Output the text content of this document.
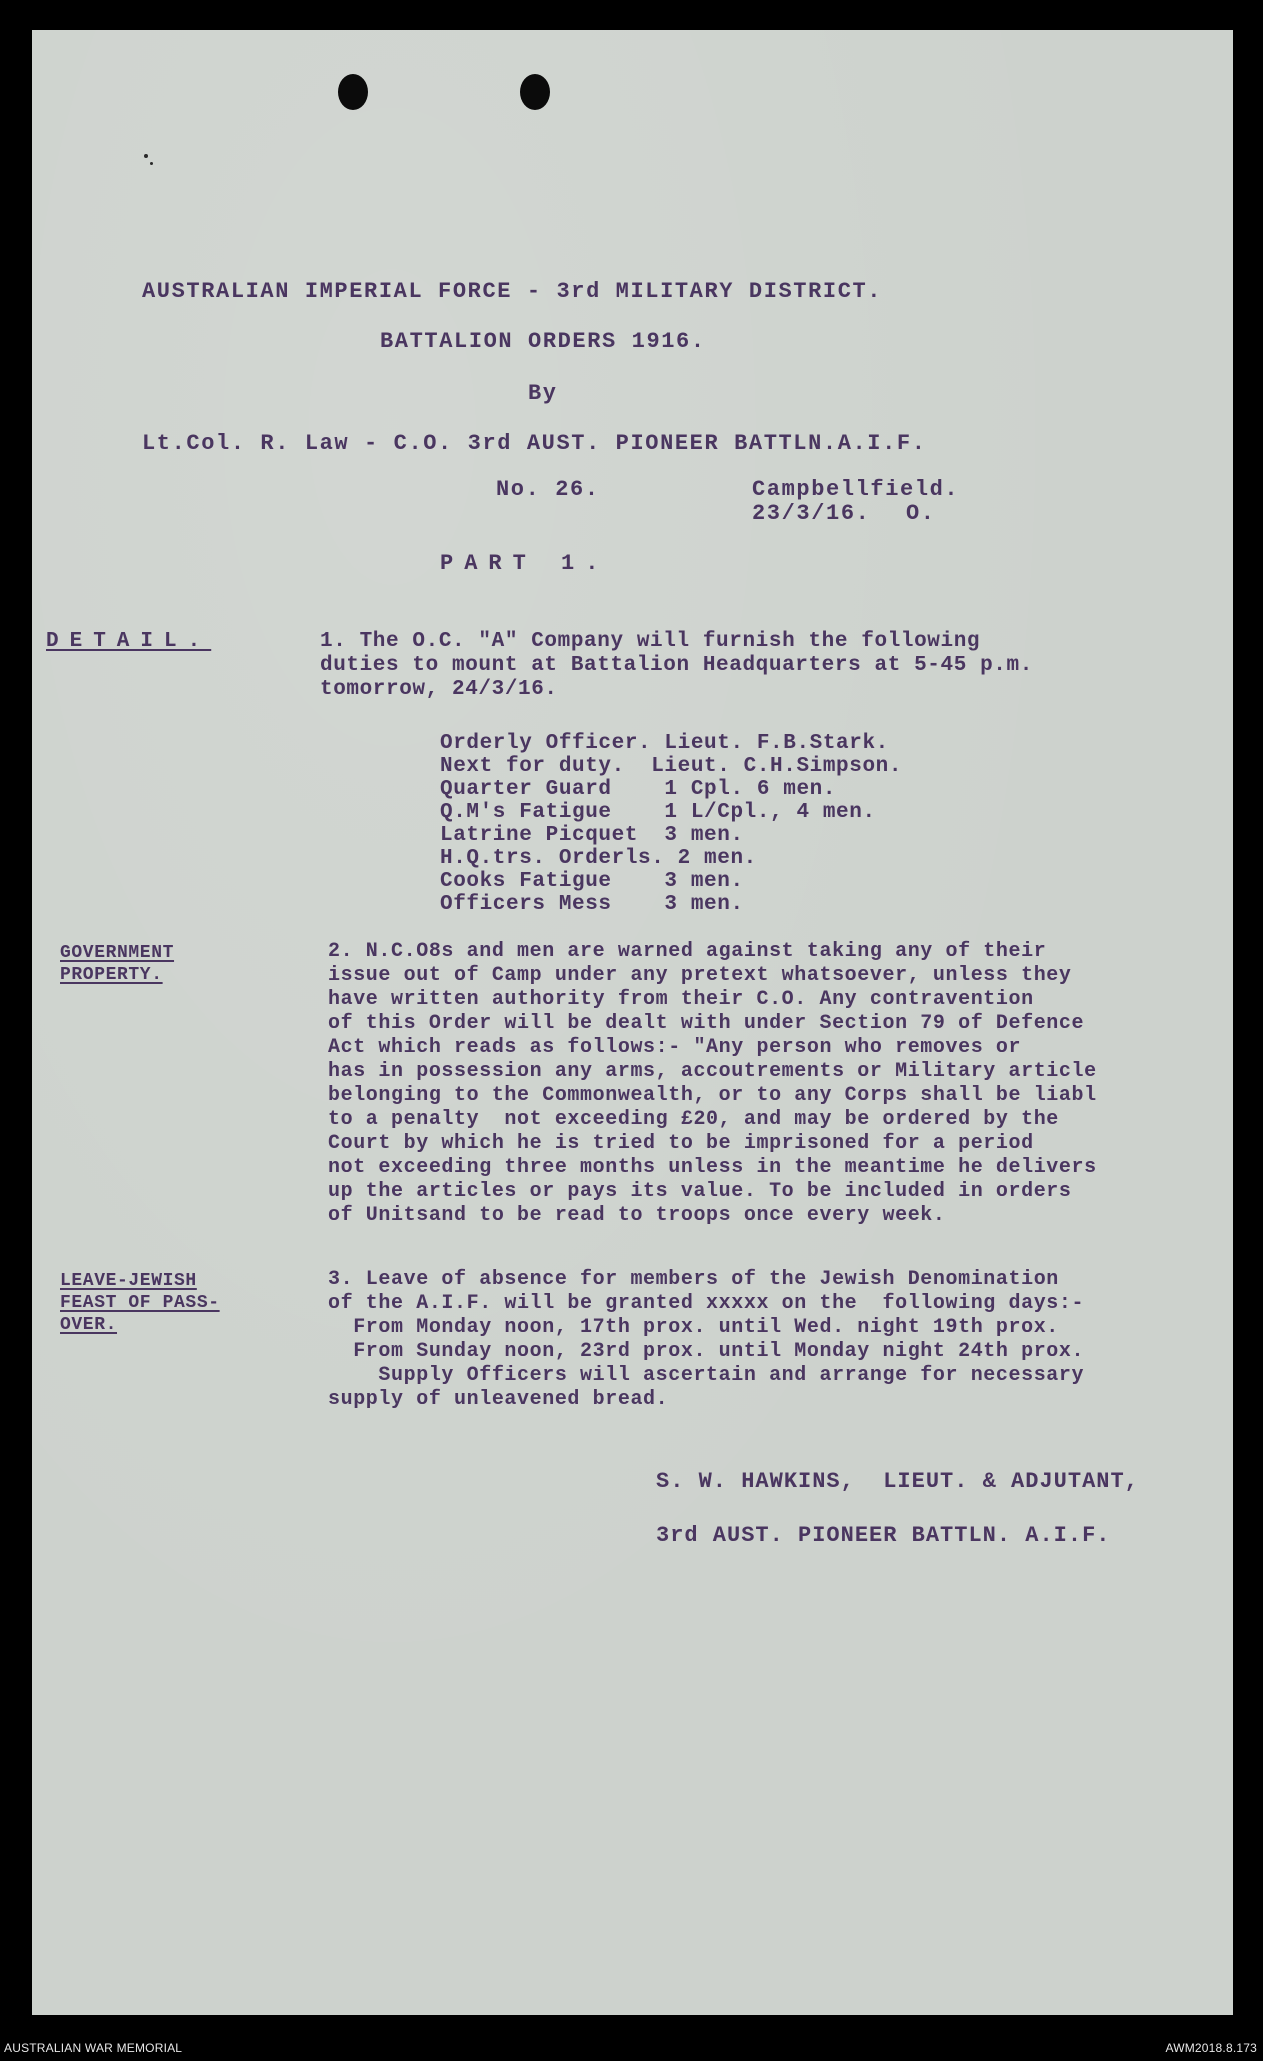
AUSTRALIAN IMPERIAL FORCE - 3rd MILITARY DISTRICT.
BATTALION ORDERS 1916.
By
Lt.Col. R. Law - C.O. 3rd AUST. PIONEER BATTLN.A.I.F.
No. 26.	Campbellfield.
23/3/16. O.
PART 1.
DETAIL.	1. The O.C. "A" Company will furnish the following
duties to mount at Battalion Headquarters at 5-45 p.m.
tomorrow, 24/3/16.
Orderly Officer. Lieut. F.B.Stark.
Next for duty.  Lieut. C.H.Simpson.
Quarter Guard    1 Cpl. 6 men.
Q.M's Fatigue    1 L/Cpl., 4 men.
Latrine Picquet  3 men.
H.Q.trs. Orderls. 2 men.
Cooks Fatigue    3 men.
Officers Mess    3 men.
GOVERNMENT
PROPERTY.
2. N.C.O8s and men are warned against taking any of their
issue out of Camp under any pretext whatsoever, unless they
have written authority from their C.O. Any contravention
of this Order will be dealt with under Section 79 of Defence
Act which reads as follows:- "Any person who removes or
has in possession any arms, accoutrements or Military article
belonging to the Commonwealth, or to any Corps shall be liabl
to a penalty  not exceeding £20, and may be ordered by the
Court by which he is tried to be imprisoned for a period
not exceeding three months unless in the meantime he delivers
up the articles or pays its value. To be included in orders
of Unitsand to be read to troops once every week.
LEAVE-JEWISH
FEAST OF PASS-
OVER.
3. Leave of absence for members of the Jewish Denomination
of the A.I.F. will be granted xxxxx on the  following days:-
From Monday noon, 17th prox. until Wed. night 19th prox.
From Sunday noon, 23rd prox. until Monday night 24th prox.
Supply Officers will ascertain and arrange for necessary
supply of unleavened bread.
S. W. HAWKINS,  LIEUT. & ADJUTANT,
3rd AUST. PIONEER BATTLN. A.I.F.
AUSTRALIAN WAR MEMORIAL	AWM2018.8.173
